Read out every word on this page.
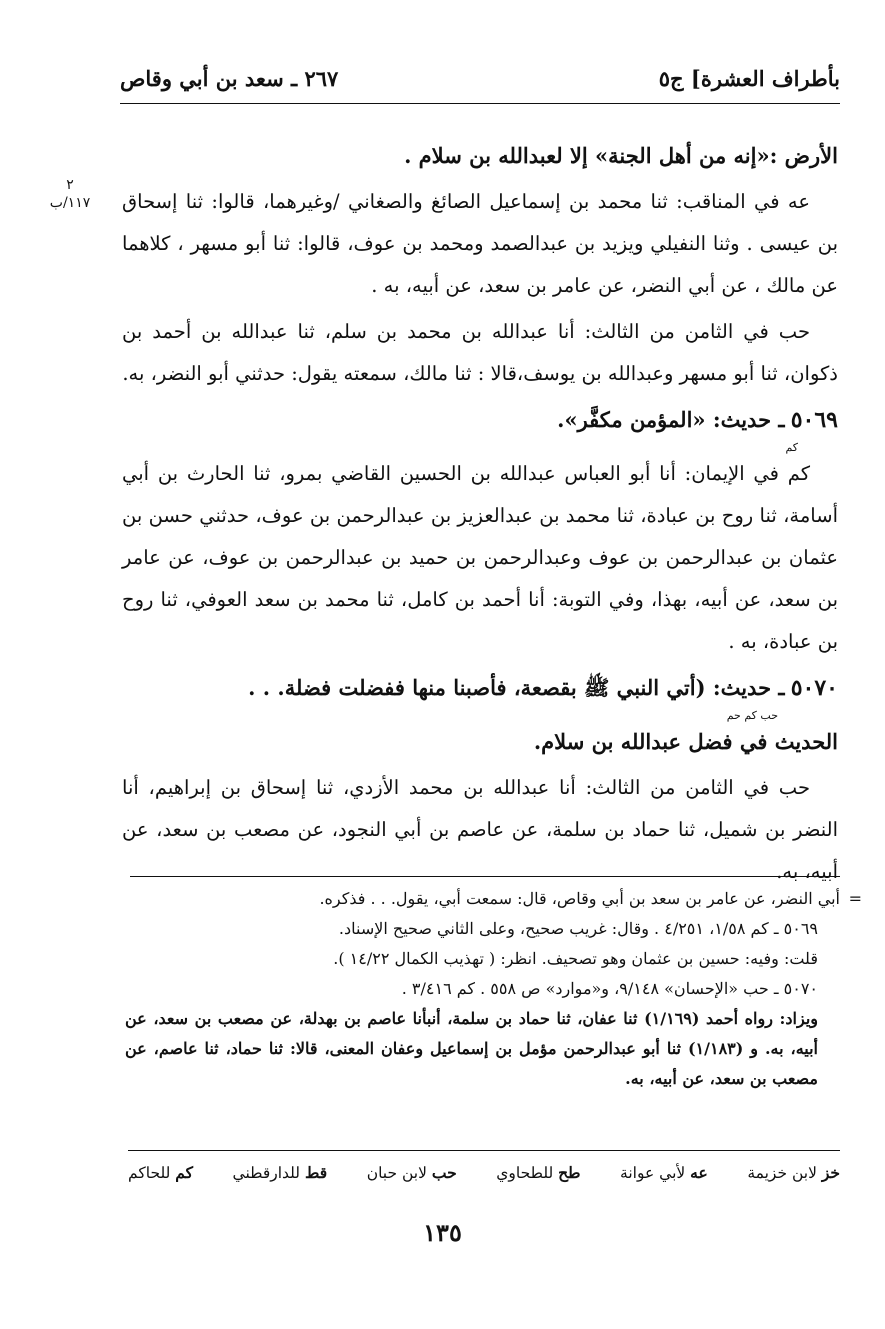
بأطراف العشرة] ج٥
٢٦٧ ـ سعد بن أبي وقاص
٢
١١٧/ب

الأرض :«إنه من أهل الجنة» إلا لعبدالله بن سلام .

عه في المناقب: ثنا محمد بن إسماعيل الصائغ والصغاني /وغيرهما، قالوا: ثنا إسحاق بن عيسى . وثنا النفيلي ويزيد بن عبدالصمد ومحمد بن عوف، قالوا: ثنا أبو مسهر ، كلاهما عن مالك ، عن أبي النضر، عن عامر بن سعد، عن أبيه، به .

حب في الثامن من الثالث: أنا عبدالله بن محمد بن سلم، ثنا عبدالله بن أحمد بن ذكوان، ثنا أبو مسهر وعبدالله بن يوسف،قالا : ثنا مالك، سمعته يقول: حدثني أبو النضر، به.

٥٠٦٩ ـ حديث: «المؤمن مكفَّر».

كم

كم في الإيمان: أنا أبو العباس عبدالله بن الحسين القاضي بمرو، ثنا الحارث بن أبي أسامة، ثنا روح بن عبادة، ثنا محمد بن عبدالعزيز بن عبدالرحمن بن عوف، حدثني حسن بن عثمان بن عبدالرحمن بن عوف وعبدالرحمن بن حميد بن عبدالرحمن بن عوف، عن عامر بن سعد، عن أبيه، بهذا، وفي التوبة: أنا أحمد بن كامل، ثنا محمد بن سعد العوفي، ثنا روح بن عبادة، به .

٥٠٧٠ ـ حديث: (أتي النبي ﷺ بقصعة، فأصبنا منها ففضلت فضلة. . .

حب كم حم

الحديث في فضل عبدالله بن سلام.

حب في الثامن من الثالث: أنا عبدالله بن محمد الأزدي، ثنا إسحاق بن إبراهيم، أنا النضر بن شميل، ثنا حماد بن سلمة، عن عاصم بن أبي النجود، عن مصعب بن سعد، عن أبيه، به.

=

أبي النضر، عن عامر بن سعد بن أبي وقاص، قال: سمعت أبي، يقول. . . فذكره.

٥٠٦٩ ـ كم ١/٥٨، ٤/٢٥١ . وقال: غريب صحيح، وعلى الثاني صحيح الإسناد.

قلت: وفيه: حسين بن عثمان وهو تصحيف. انظر: ( تهذيب الكمال ١٤/٢٢ ).

٥٠٧٠ ـ حب «الإحسان» ٩/١٤٨، و«موارد» ص ٥٥٨ . كم ٣/٤١٦ .

ويزاد: رواه أحمد (١/١٦٩) ثنا عفان، ثنا حماد بن سلمة، أنبأنا عاصم بن بهدلة، عن مصعب بن سعد، عن أبيه، به. و (١/١٨٣) ثنا أبو عبدالرحمن مؤمل بن إسماعيل وعفان المعنى، قالا: ثنا حماد، ثنا عاصم، عن مصعب بن سعد، عن أبيه، به.

خز لابن خزيمة
عه لأبي عوانة
طح للطحاوي
حب لابن حبان
قط للدارقطني
كم للحاكم
١٣٥
